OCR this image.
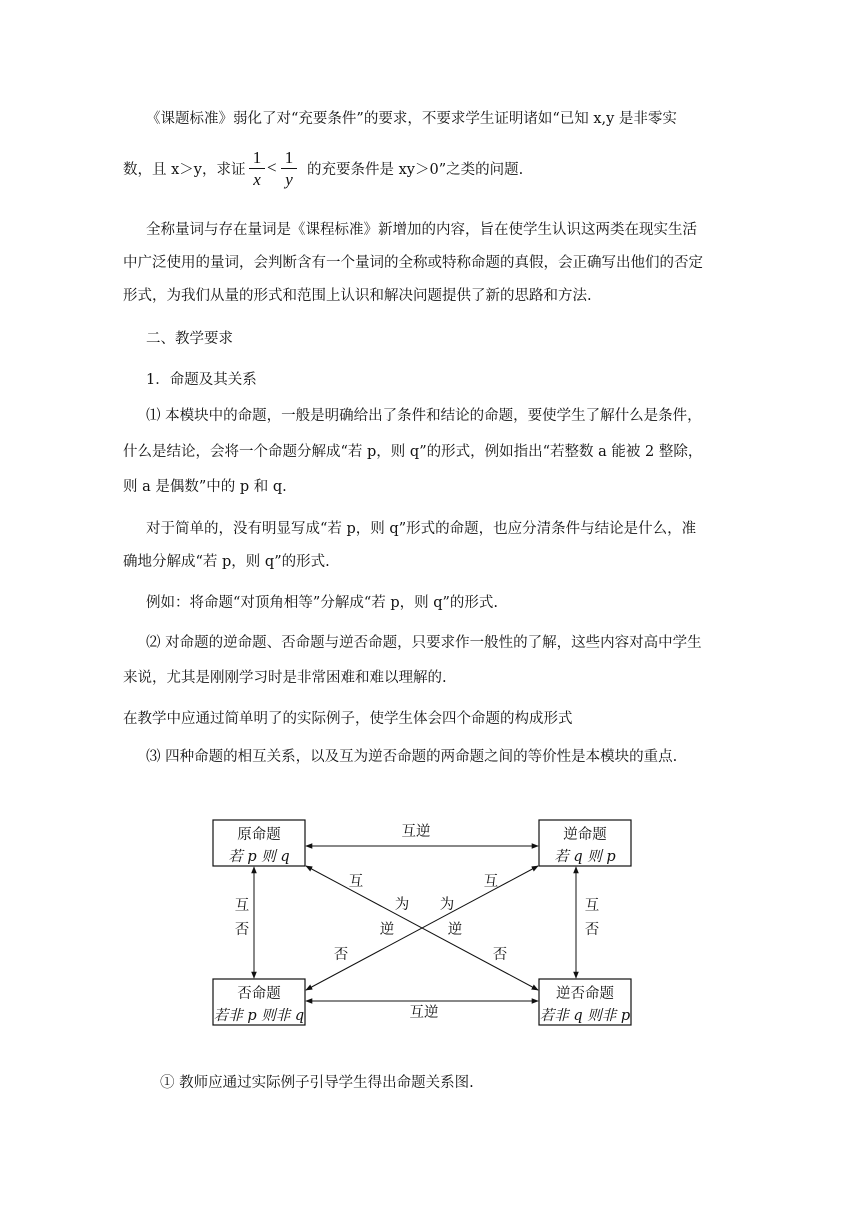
《课题标准》弱化了对“充要条件”的要求，不要求学生证明诸如“已知 x,y 是非零实
数，且 x＞y，求证
1
x
<
1
y 的充要条件是 xy＞0”之类的问题.
全称量词与存在量词是《课程标准》新增加的内容，旨在使学生认识这两类在现实生活
中广泛使用的量词，会判断含有一个量词的全称或特称命题的真假，会正确写出他们的否定
形式，为我们从量的形式和范围上认识和解决问题提供了新的思路和方法.
二、教学要求
1．命题及其关系
⑴ 本模块中的命题，一般是明确给出了条件和结论的命题，要使学生了解什么是条件，
什么是结论，会将一个命题分解成“若 p，则 q”的形式，例如指出“若整数 a 能被 2 整除，
则 a 是偶数”中的 p 和 q.
对于简单的，没有明显写成“若 p，则 q”形式的命题，也应分清条件与结论是什么，准
确地分解成“若 p，则 q”的形式.
例如：将命题“对顶角相等”分解成“若 p，则 q”的形式.
⑵ 对命题的逆命题、否命题与逆否命题，只要求作一般性的了解，这些内容对高中学生
来说，尤其是刚刚学习时是非常困难和难以理解的.
在教学中应通过简单明了的实际例子，使学生体会四个命题的构成形式
⑶ 四种命题的相互关系，以及互为逆否命题的两命题之间的等价性是本模块的重点.
原命题
若 p 则 q
逆命题
若 q 则 p
否命题
若非 p 则非 q
逆否命题
若非 q 则非 p
互逆
互逆
互
否
互
否
互
为
逆
否
互
为
逆
否
① 教师应通过实际例子引导学生得出命题关系图.
